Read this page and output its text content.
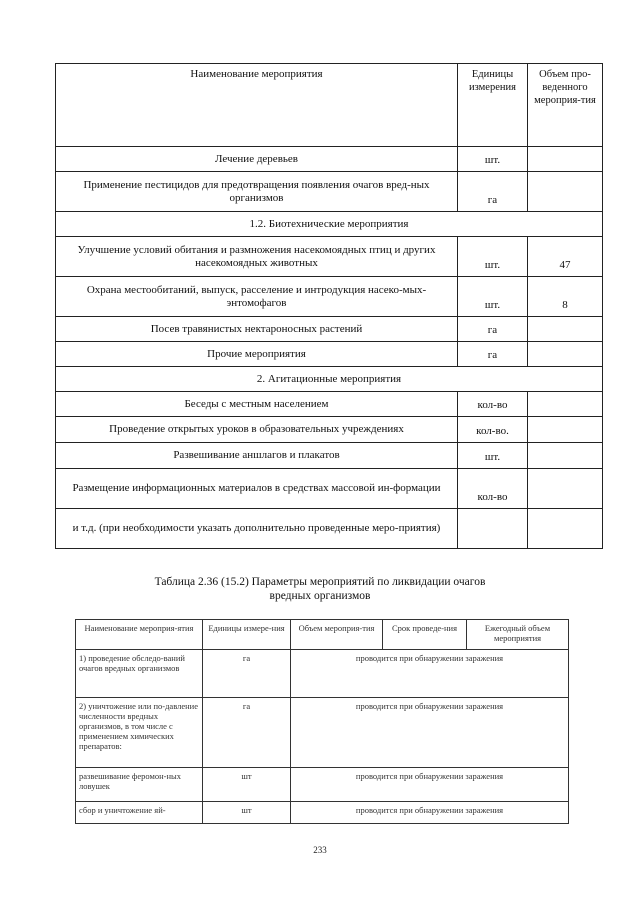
Наименование мероприятия	Единицы измерения	Объем про-веденного мероприя-тия
Лечение деревьев	шт.	
Применение пестицидов для предотвращения появления очагов вред-ных организмов	га	
1.2. Биотехнические мероприятия		
Улучшение условий обитания и размножения насекомоядных птиц и других насекомоядных животных	шт.	47
Охрана местообитаний, выпуск, расселение и интродукция насеко-мых-энтомофагов	шт.	8
Посев травянистых нектароносных растений	га	
Прочие мероприятия	га	
2. Агитационные мероприятия		
Беседы с местным населением	кол-во	
Проведение открытых уроков в образовательных учреждениях	кол-во.	
Развешивание аншлагов и плакатов	шт.	
Размещение информационных материалов в средствах массовой ин-формации	кол-во	
и т.д. (при необходимости указать дополнительно проведенные меро-приятия)		
Таблица 2.36 (15.2) Параметры мероприятий по ликвидации очагов
вредных организмов
Наименование мероприя-ятия	Единицы измере-ния	Объем мероприя-тия	Срок проведе-ния	Ежегодный объем мероприятия
1) проведение обследо-ваний очагов вредных организмов	га	проводится при обнаружении заражения		
2) уничтожение или по-давление численности вредных организмов, в том числе с применением химических препаратов:	га	проводится при обнаружении заражения		
развешивание феромон-ных ловушек	шт	проводится при обнаружении заражения		
сбор и уничтожение яй-	шт	проводится при обнаружении заражения		
233
